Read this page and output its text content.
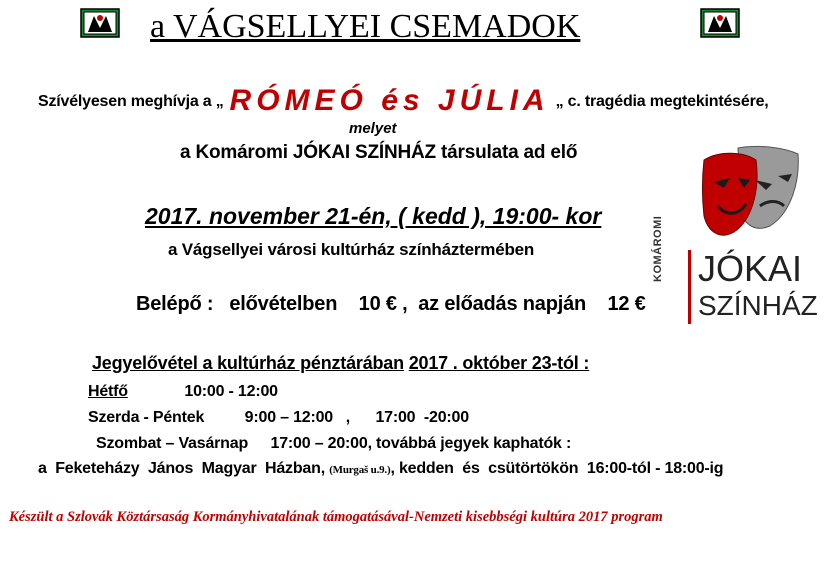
a VÁGSELLYEI CSEMADOK
Szívélyesen meghívja a „ RÓMEÓ és JÚLIA „ c. tragédia megtekintésére,
melyet
a Komáromi JÓKAI SZÍNHÁZ társulata ad elő
2017. november 21-én, ( kedd ), 19:00- kor
a Vágsellyei városi kultúrház színháztermében
Belépő : elővételben 10 € , az előadás napján 12 €
Jegyelővétel a kultúrház pénztárában 2017 . október 23-tól :
Hétfő	10:00 - 12:00
Szerda - Péntek	9:00 – 12:00   ,      17:00  -20:00
Szombat – Vasárnap 17:00 – 20:00, továbbá jegyek kaphatók :
a  Feketeházy  János  Magyar  Házban, (Murgaš u.9.), kedden  és  csütörtökön  16:00-tól - 18:00-ig
KOMÁROMI JÓKAI
SZÍNHÁZ
Készült a Szlovák Köztársaság Kormányhivatalának támogatásával-Nemzeti kisebbségi kultúra 2017 program
